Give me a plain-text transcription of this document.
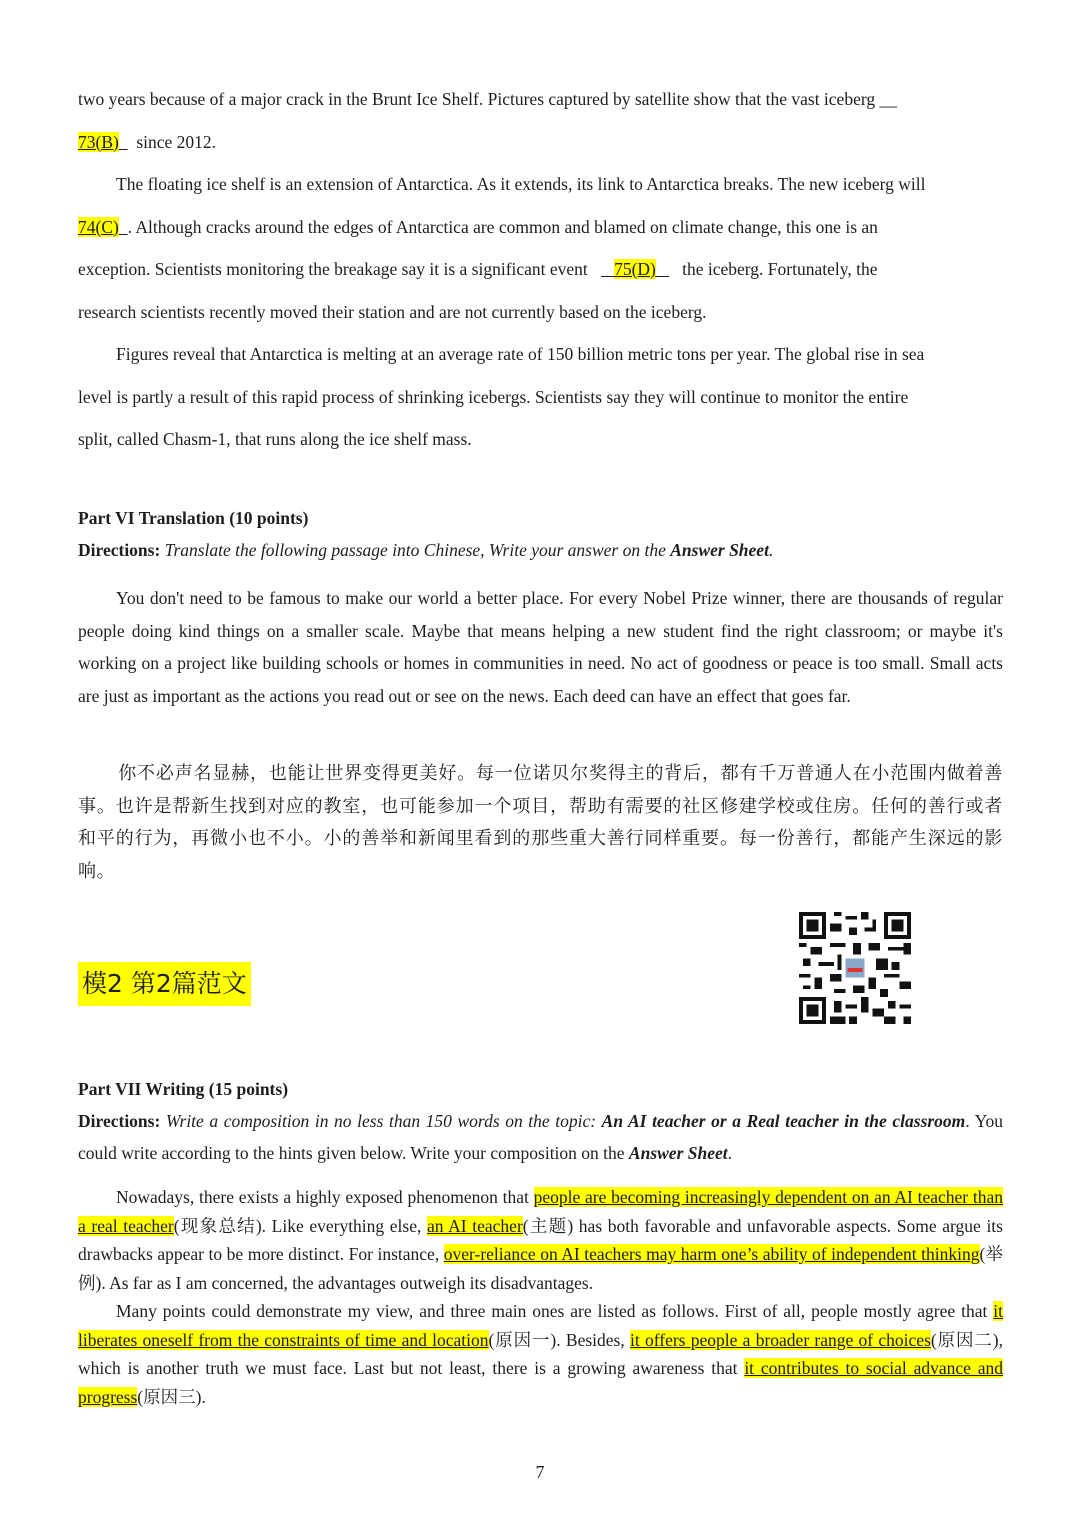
two years because of a major crack in the Brunt Ice Shelf. Pictures captured by satellite show that the vast iceberg __

73(B) since 2012.

The floating ice shelf is an extension of Antarctica. As it extends, its link to Antarctica breaks. The new iceberg will

74(C) . Although cracks around the edges of Antarctica are common and blamed on climate change, this one is an

exception. Scientists monitoring the breakage say it is a significant event 75(D) the iceberg. Fortunately, the

research scientists recently moved their station and are not currently based on the iceberg.

Figures reveal that Antarctica is melting at an average rate of 150 billion metric tons per year. The global rise in sea

level is partly a result of this rapid process of shrinking icebergs. Scientists say they will continue to monitor the entire

split, called Chasm-1, that runs along the ice shelf mass.

Part VI Translation (10 points)
Directions: Translate the following passage into Chinese, Write your answer on the Answer Sheet.

You don't need to be famous to make our world a better place. For every Nobel Prize winner, there are thousands of regular people doing kind things on a smaller scale. Maybe that means helping a new student find the right classroom; or maybe it's working on a project like building schools or homes in communities in need. No act of goodness or peace is too small. Small acts are just as important as the actions you read out or see on the news. Each deed can have an effect that goes far.

你不必声名显赫，也能让世界变得更美好。每一位诺贝尔奖得主的背后，都有千万普通人在小范围内做着善事。也许是帮新生找到对应的教室，也可能参加一个项目，帮助有需要的社区修建学校或住房。任何的善行或者和平的行为，再微小也不小。小的善举和新闻里看到的那些重大善行同样重要。每一份善行，都能产生深远的影响。

模2 第2篇范文
Part VII Writing (15 points)
Directions: Write a composition in no less than 150 words on the topic: An AI teacher or a Real teacher in the classroom. You could write according to the hints given below. Write your composition on the Answer Sheet.

Nowadays, there exists a highly exposed phenomenon that people are becoming increasingly dependent on an AI teacher than a real teacher(现象总结). Like everything else, an AI teacher(主题) has both favorable and unfavorable aspects. Some argue its drawbacks appear to be more distinct. For instance, over-reliance on AI teachers may harm one’s ability of independent thinking(举例). As far as I am concerned, the advantages outweigh its disadvantages.

Many points could demonstrate my view, and three main ones are listed as follows. First of all, people mostly agree that it liberates oneself from the constraints of time and location(原因一). Besides, it offers people a broader range of choices(原因二), which is another truth we must face. Last but not least, there is a growing awareness that it contributes to social advance and progress(原因三).

7
